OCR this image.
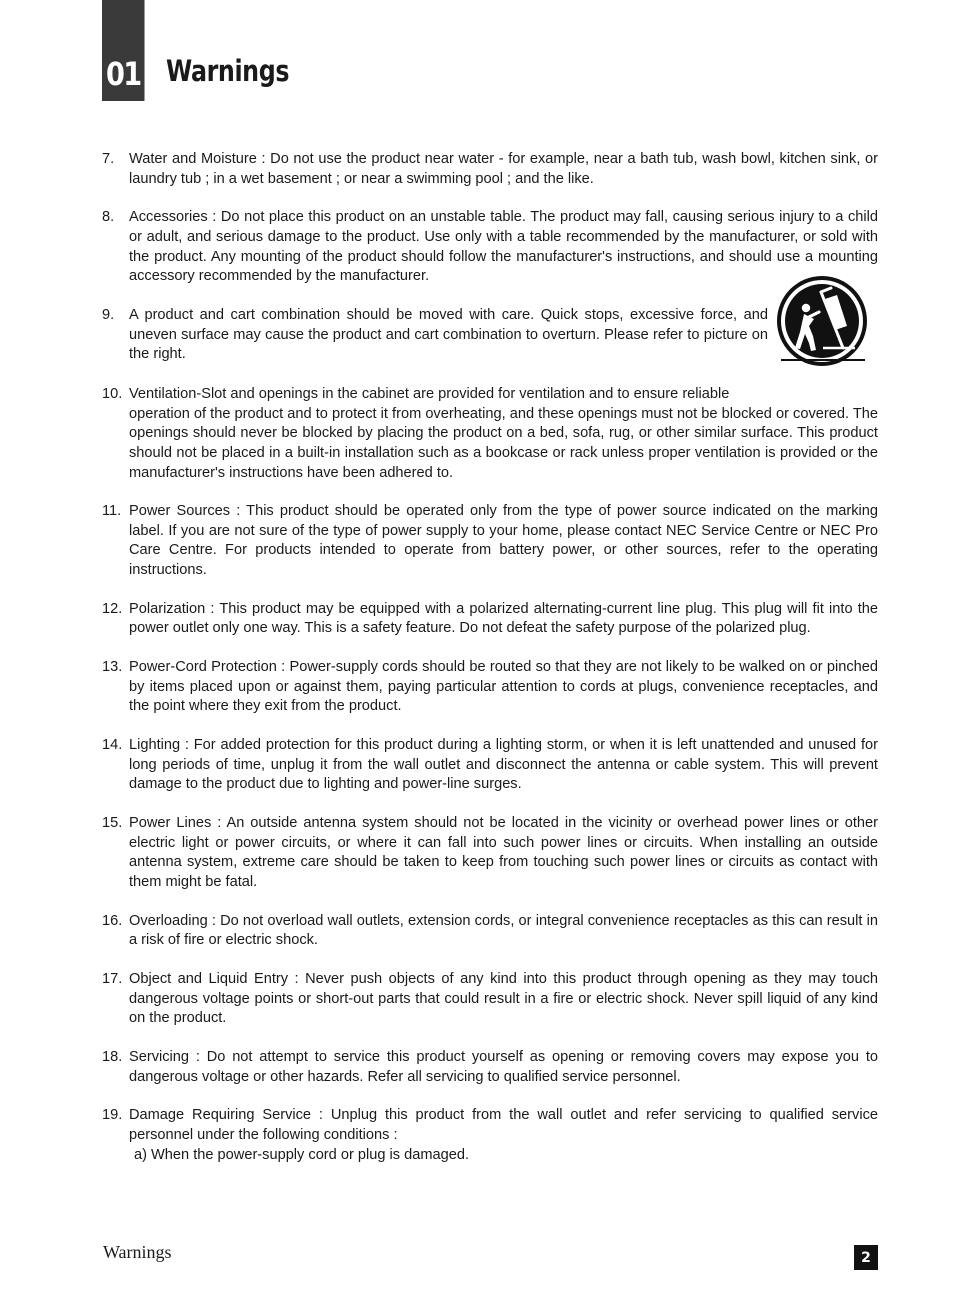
01 Warnings
7. Water and Moisture : Do not use the product near water - for example, near a bath tub, wash bowl, kitchen sink, or laundry tub ; in a wet basement ; or near a swimming pool ; and the like.
8. Accessories : Do not place this product on an unstable table. The product may fall, causing serious injury to a child or adult, and serious damage to the product. Use only with a table recommended by the manufacturer, or sold with the product. Any mounting of the product should follow the manufacturer's instructions, and should use a mounting accessory recommended by the manufacturer.
9. A product and cart combination should be moved with care. Quick stops, excessive force, and uneven surface may cause the product and cart combination to overturn. Please refer to picture on the right.
10. Ventilation-Slot and openings in the cabinet are provided for ventilation and to ensure reliable
operation of the product and to protect it from overheating, and these openings must not be blocked or covered. The openings should never be blocked by placing the product on a bed, sofa, rug, or other similar surface. This product should not be placed in a built-in installation such as a bookcase or rack unless proper ventilation is provided or the manufacturer's instructions have been adhered to.
11. Power Sources : This product should be operated only from the type of power source indicated on the marking label. If you are not sure of the type of power supply to your home, please contact NEC Service Centre or NEC Pro Care Centre. For products intended to operate from battery power, or other sources, refer to the operating instructions.
12. Polarization : This product may be equipped with a polarized alternating-current line plug. This plug will fit into the power outlet only one way. This is a safety feature. Do not defeat the safety purpose of the polarized plug.
13. Power-Cord Protection : Power-supply cords should be routed so that they are not likely to be walked on or pinched by items placed upon or against them, paying particular attention to cords at plugs, convenience receptacles, and the point where they exit from the product.
14. Lighting : For added protection for this product during a lighting storm, or when it is left unattended and unused for long periods of time, unplug it from the wall outlet and disconnect the antenna or cable system. This will prevent damage to the product due to lighting and power-line surges.
15. Power Lines : An outside antenna system should not be located in the vicinity or overhead power lines or other electric light or power circuits, or where it can fall into such power lines or circuits. When installing an outside antenna system, extreme care should be taken to keep from touching such power lines or circuits as contact with them might be fatal.
16. Overloading : Do not overload wall outlets, extension cords, or integral convenience receptacles as this can result in a risk of fire or electric shock.
17. Object and Liquid Entry : Never push objects of any kind into this product through opening as they may touch dangerous voltage points or short-out parts that could result in a fire or electric shock. Never spill liquid of any kind on the product.
18. Servicing : Do not attempt to service this product yourself as opening or removing covers may expose you to dangerous voltage or other hazards. Refer all servicing to qualified service personnel.
19. Damage Requiring Service : Unplug this product from the wall outlet and refer servicing to qualified service personnel under the following conditions :
a) When the power-supply cord or plug is damaged.
Warnings	2
